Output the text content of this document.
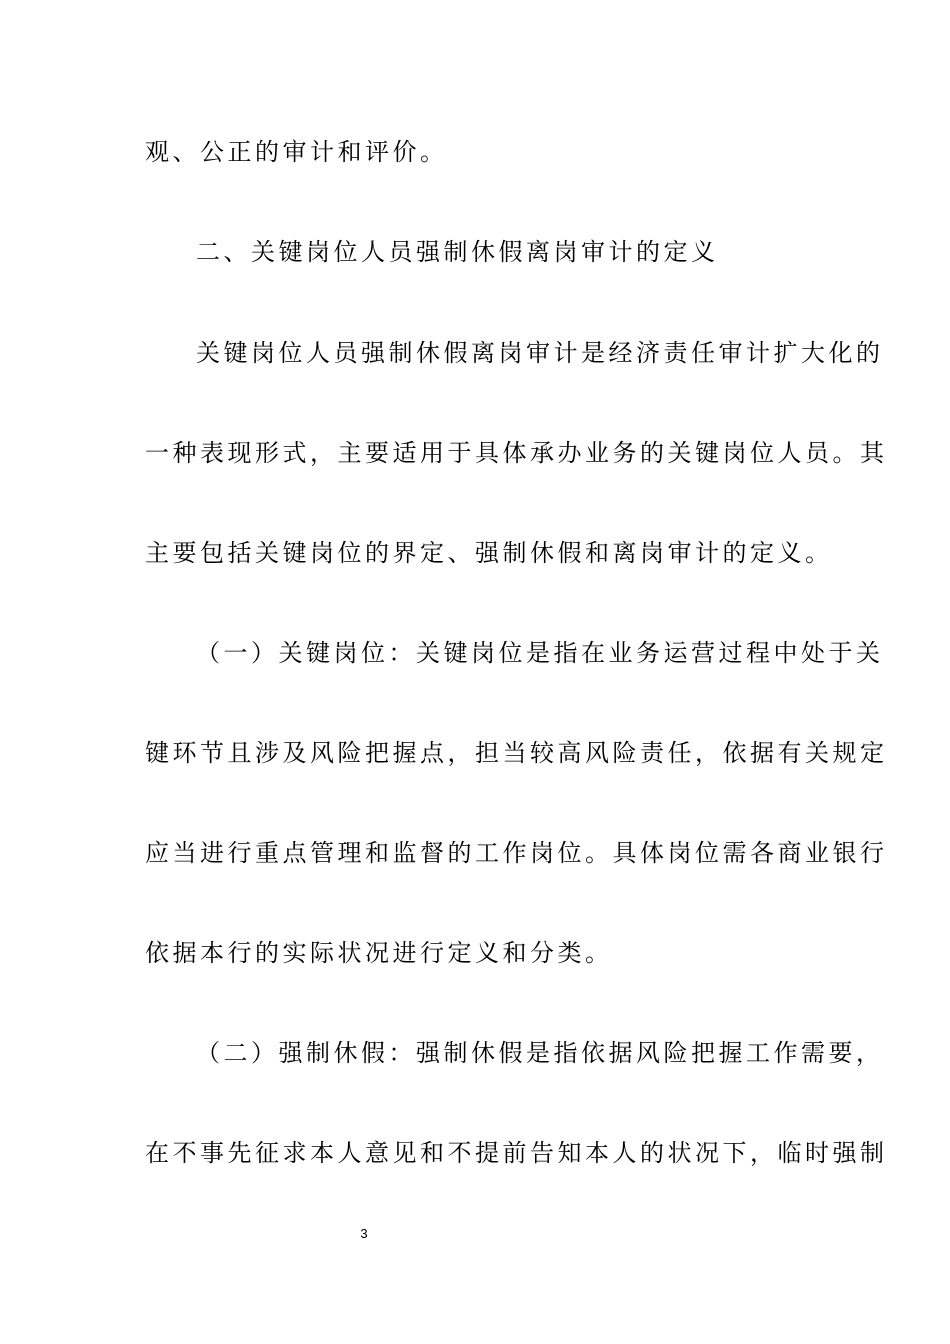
观、公正的审计和评价。
二、关键岗位人员强制休假离岗审计的定义
关键岗位人员强制休假离岗审计是经济责任审计扩大化的
一种表现形式，主要适用于具体承办业务的关键岗位人员。其
主要包括关键岗位的界定、强制休假和离岗审计的定义。
（一）关键岗位：关键岗位是指在业务运营过程中处于关
键环节且涉及风险把握点，担当较高风险责任，依据有关规定
应当进行重点管理和监督的工作岗位。具体岗位需各商业银行
依据本行的实际状况进行定义和分类。
（二）强制休假：强制休假是指依据风险把握工作需要，
在不事先征求本人意见和不提前告知本人的状况下，临时强制
3
